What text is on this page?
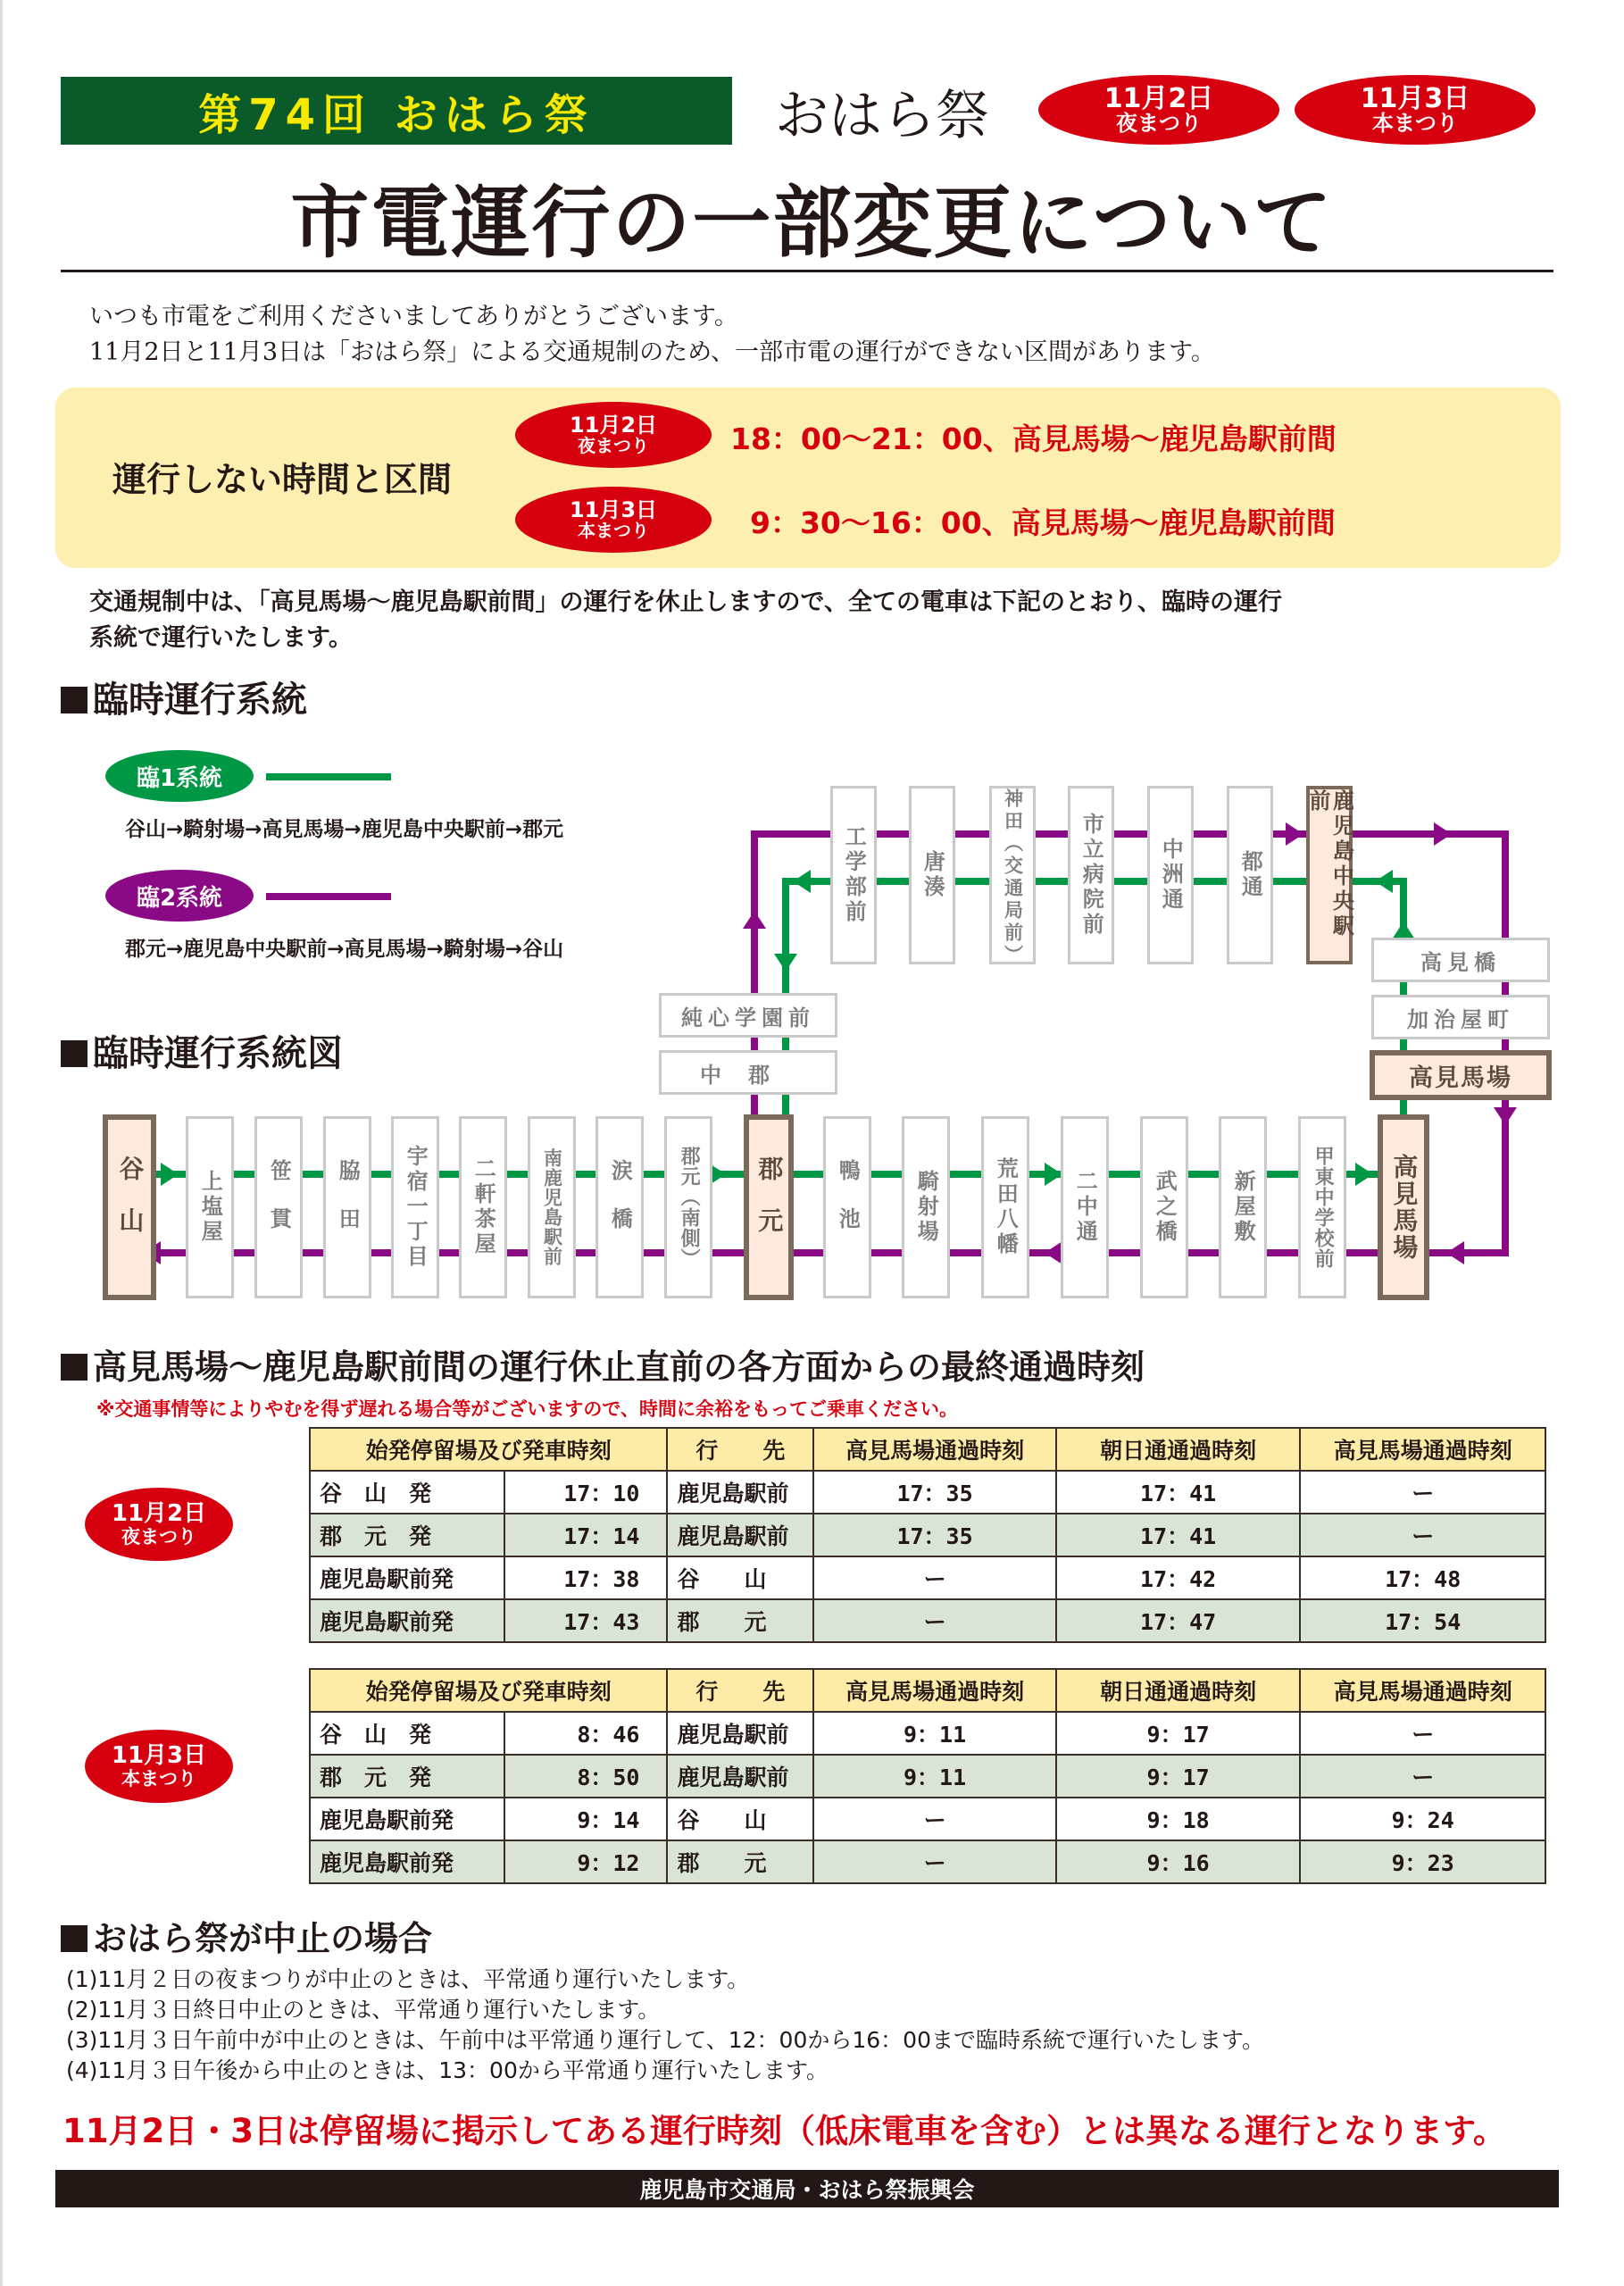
第74回 おはら祭	おはら祭	11月2日
夜まつり
11月3日
本まつり
市電運行の一部変更について
いつも市電をご利用くださいましてありがとうございます。
11月2日と11月3日は「おはら祭」による交通規制のため、一部市電の運行ができない区間があります。
運行しない時間と区間
11月2日
夜まつり	18：00〜21：00、高見馬場〜鹿児島駅前間
11月3日
本まつり	9：30〜16：00、高見馬場〜鹿児島駅前間
交通規制中は、「高見馬場〜鹿児島駅前間」の運行を休止しますので、全ての電車は下記のとおり、臨時の運行
系統で運行いたします。
臨時運行系統
臨1系統
谷山→騎射場→高見馬場→鹿児島中央駅前→郡元
臨2系統
郡元→鹿児島中央駅前→高見馬場→騎射場→谷山
臨時運行系統図
工学部前	唐湊	神田（交通局前）	市立病院前	中洲通	都通	鹿児島中央駅前
純心学園前
中郡
高見橋
加治屋町
高見馬場
谷山	上塩屋	笹貫	脇田	宇宿一丁目	二軒茶屋	南鹿児島駅前	涙橋	郡元（南側）	郡元	鴨池	騎射場	荒田八幡	二中通	武之橋	新屋敷	甲東中学校前	高見馬場
高見馬場〜鹿児島駅前間の運行休止直前の各方面からの最終通過時刻
※交通事情等によりやむを得ず遅れる場合等がございますので、時間に余裕をもってご乗車ください。
11月2日
夜まつり
始発停留場及び発車時刻		行　　先	高見馬場通過時刻	朝日通通過時刻	高見馬場通過時刻
谷　山　発	17：10	鹿児島駅前	17：35	17：41	ー
郡　元　発	17：14	鹿児島駅前	17：35	17：41	ー
鹿児島駅前発	17：38	谷　　山	ー	17：42	17：48
鹿児島駅前発	17：43	郡　　元	ー	17：47	17：54
11月3日
本まつり
始発停留場及び発車時刻		行　　先	高見馬場通過時刻	朝日通通過時刻	高見馬場通過時刻
谷　山　発	8：46	鹿児島駅前	9：11	9：17	ー
郡　元　発	8：50	鹿児島駅前	9：11	9：17	ー
鹿児島駅前発	9：14	谷　　山	ー	9：18	9：24
鹿児島駅前発	9：12	郡　　元	ー	9：16	9：23
おはら祭が中止の場合
(1)11月２日の夜まつりが中止のときは、平常通り運行いたします。
(2)11月３日終日中止のときは、平常通り運行いたします。
(3)11月３日午前中が中止のときは、午前中は平常通り運行して、12：00から16：00まで臨時系統で運行いたします。
(4)11月３日午後から中止のときは、13：00から平常通り運行いたします。
11月2日・3日は停留場に掲示してある運行時刻（低床電車を含む）とは異なる運行となります。
鹿児島市交通局・おはら祭振興会
